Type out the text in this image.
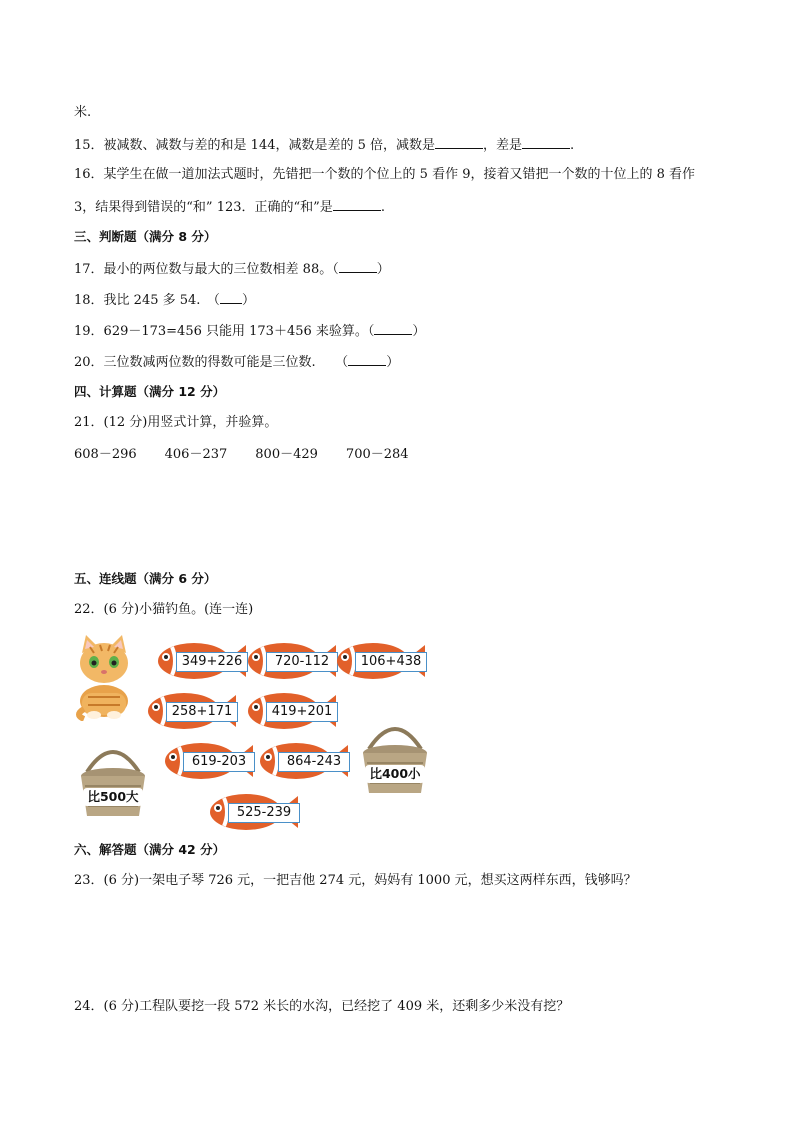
米.
15．被减数、减数与差的和是 144，减数是差的 5 倍，减数是	，差是	.
16．某学生在做一道加法式题时，先错把一个数的个位上的 5 看作 9，接着又错把一个数的十位上的 8 看作
3，结果得到错误的“和” 123．正确的“和”是	.
三、判断题（满分 8 分）
17．最小的两位数与最大的三位数相差 88。（	）
18．我比 245 多 54.　（ ）
19．629－173=456 只能用 173＋456 来验算。（	）
20．三位数减两位数的得数可能是三位数.　　（	）
四、计算题（满分 12 分）
21．(12 分)用竖式计算，并验算。
608－296 406－237 800－429 700－284
五、连线题（满分 6 分）
22．(6 分)小猫钓鱼。(连一连)
349+226	720-112	106+438
258+171	419+201
619-203	864-243
525-239
比500大
比400小
六、解答题（满分 42 分）
23．(6 分)一架电子琴 726 元，一把吉他 274 元，妈妈有 1000 元，想买这两样东西，钱够吗？
24．(6 分)工程队要挖一段 572 米长的水沟，已经挖了 409 米，还剩多少米没有挖？
